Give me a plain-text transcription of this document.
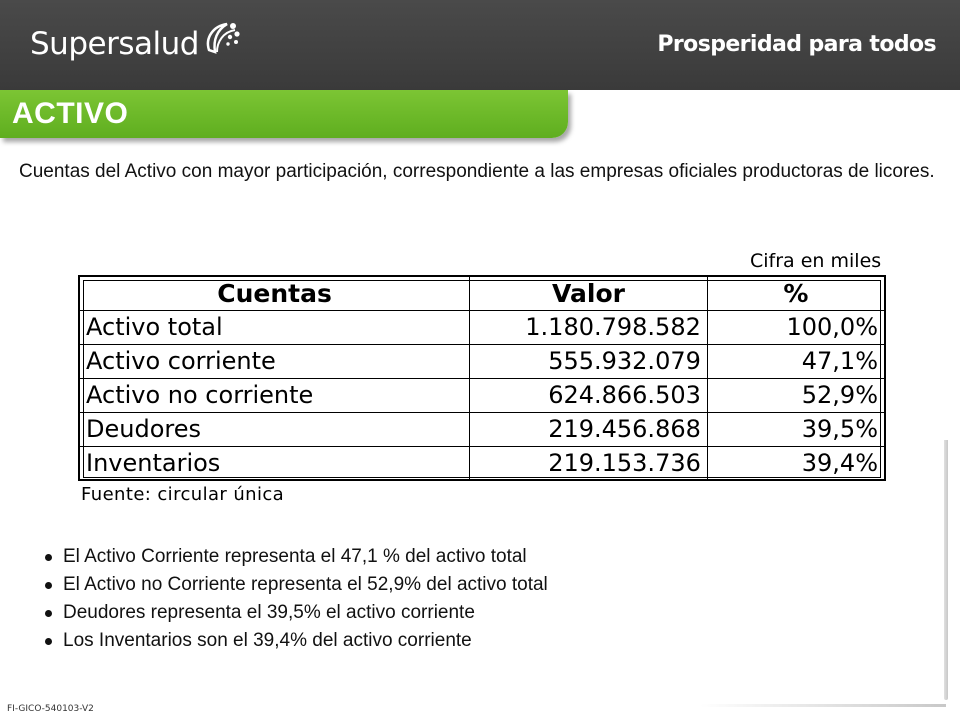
Supersalud	Prosperidad para todos
ACTIVO

Cuentas del Activo con mayor participación, correspondiente a las empresas oficiales productoras de licores.

Cifra en miles
Cuentas	Valor	%
Activo total	1.180.798.582	100,0%
Activo corriente	555.932.079	47,1%
Activo no corriente	624.866.503	52,9%
Deudores	219.456.868	39,5%
Inventarios	219.153.736	39,4%
Fuente: circular única
El Activo Corriente representa el 47,1 % del activo total
El Activo no Corriente representa el 52,9% del activo total
Deudores representa el 39,5% el activo corriente
Los Inventarios son el 39,4% del activo corriente
FI-GICO-540103-V2
